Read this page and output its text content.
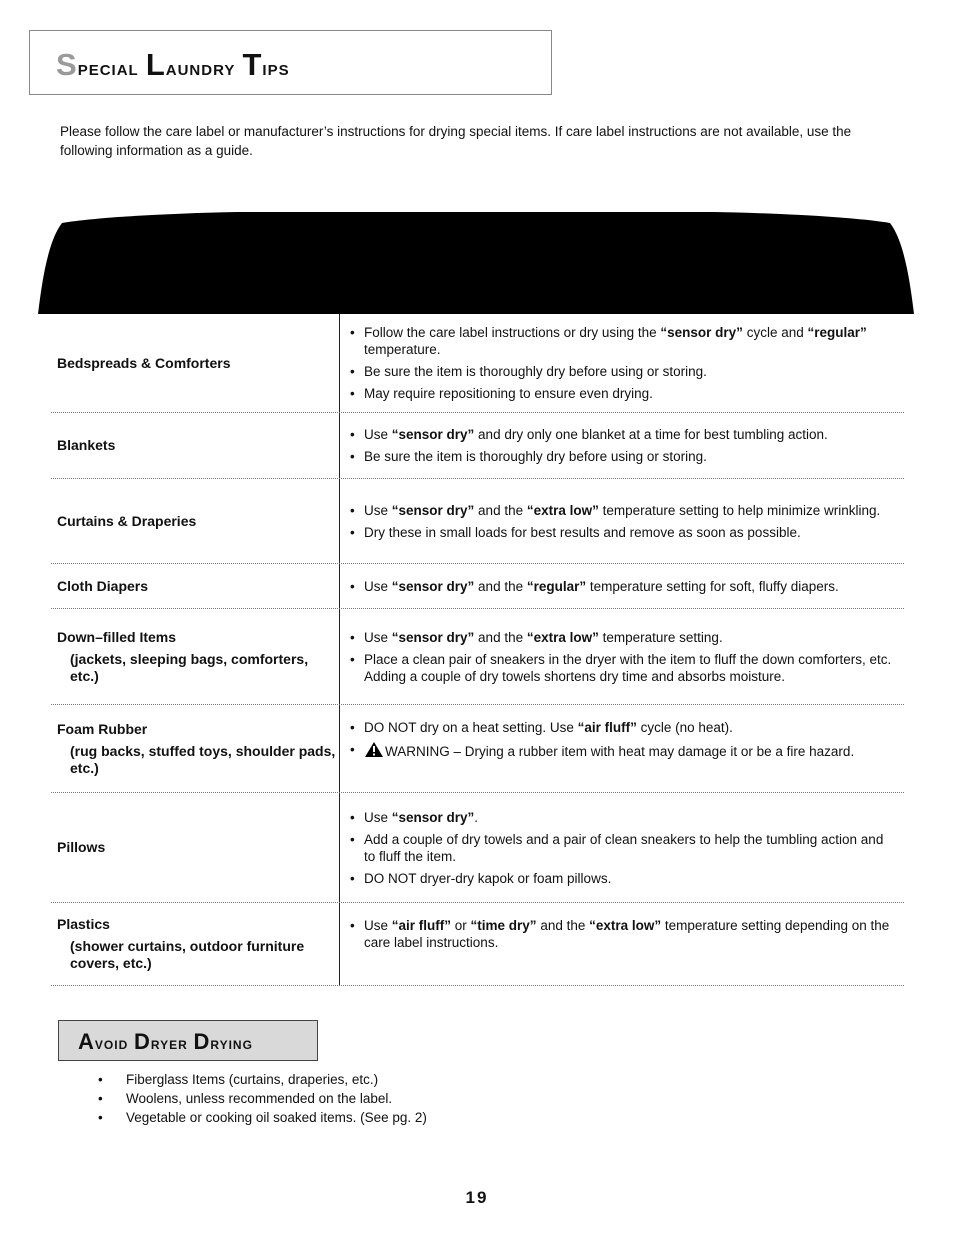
Special Laundry Tips

Please follow the care label or manufacturer’s instructions for drying special items. If care label instructions are not available, use the following information as a guide.

Bedspreads & Comforters
• Follow the care label instructions or dry using the “sensor dry” cycle and “regular” temperature.
• Be sure the item is thoroughly dry before using or storing.
• May require repositioning to ensure even drying.
Blankets
• Use “sensor dry” and dry only one blanket at a time for best tumbling action.
• Be sure the item is thoroughly dry before using or storing.
Curtains & Draperies
• Use “sensor dry” and the “extra low” temperature setting to help minimize wrinkling.
• Dry these in small loads for best results and remove as soon as possible.
Cloth Diapers	• Use “sensor dry” and the “regular” temperature setting for soft, fluffy diapers.
Down–filled Items
(jackets, sleeping bags, comforters, etc.)
• Use “sensor dry” and the “extra low” temperature setting.
• Place a clean pair of sneakers in the dryer with the item to fluff the down comforters, etc. Adding a couple of dry towels shortens dry time and absorbs moisture.
Foam Rubber
(rug backs, stuffed toys, shoulder pads, etc.)
• DO NOT dry on a heat setting. Use “air fluff” cycle (no heat).
•	WARNING – Drying a rubber item with heat may damage it or be a fire hazard.
Pillows
• Use “sensor dry”.
• Add a couple of dry towels and a pair of clean sneakers to help the tumbling action and to fluff the item.
• DO NOT dryer-dry kapok or foam pillows.
Plastics
(shower curtains, outdoor furniture covers, etc.)
• Use “air fluff” or “time dry” and the “extra low” temperature setting depending on the care label instructions.
Avoid Dryer Drying
•	Fiberglass Items (curtains, draperies, etc.)
•	Woolens, unless recommended on the label.
•	Vegetable or cooking oil soaked items. (See pg. 2)
19
